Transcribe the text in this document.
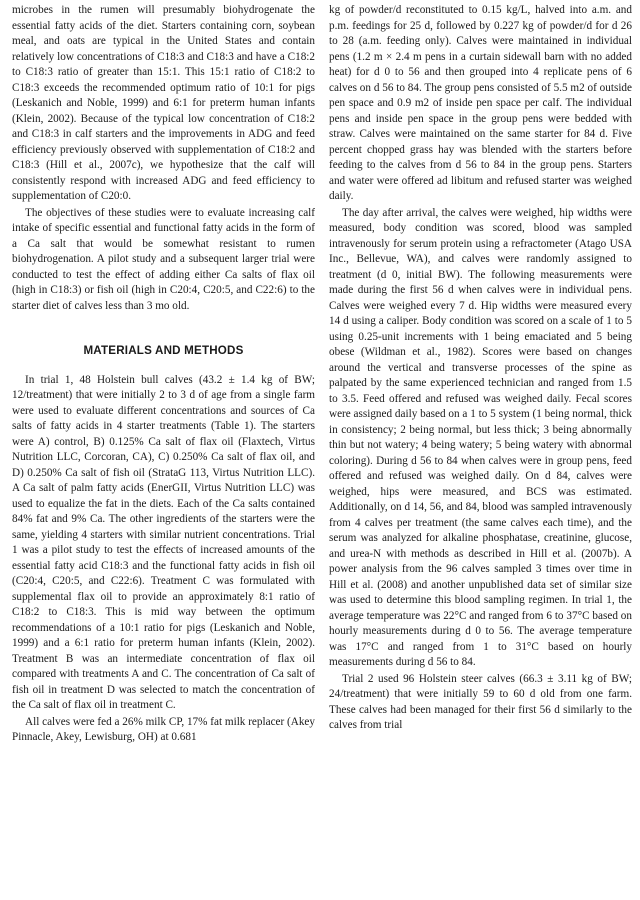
microbes in the rumen will presumably biohydrogenate the essential fatty acids of the diet. Starters containing corn, soybean meal, and oats are typical in the United States and contain relatively low concentrations of C18:3 and C18:3 and have a C18:2 to C18:3 ratio of greater than 15:1. This 15:1 ratio of C18:2 to C18:3 exceeds the recommended optimum ratio of 10:1 for pigs (Leskanich and Noble, 1999) and 6:1 for preterm human infants (Klein, 2002). Because of the typical low concentration of C18:2 and C18:3 in calf starters and the improvements in ADG and feed efficiency previously observed with supplementation of C18:2 and C18:3 (Hill et al., 2007c), we hypothesize that the calf will consistently respond with increased ADG and feed efficiency to supplementation of C20:0.

The objectives of these studies were to evaluate increasing calf intake of specific essential and functional fatty acids in the form of a Ca salt that would be somewhat resistant to rumen biohydrogenation. A pilot study and a subsequent larger trial were conducted to test the effect of adding either Ca salts of flax oil (high in C18:3) or fish oil (high in C20:4, C20:5, and C22:6) to the starter diet of calves less than 3 mo old.

MATERIALS AND METHODS

In trial 1, 48 Holstein bull calves (43.2 ± 1.4 kg of BW; 12/treatment) that were initially 2 to 3 d of age from a single farm were used to evaluate different concentrations and sources of Ca salts of fatty acids in 4 starter treatments (Table 1). The starters were A) control, B) 0.125% Ca salt of flax oil (Flaxtech, Virtus Nutrition LLC, Corcoran, CA), C) 0.250% Ca salt of flax oil, and D) 0.250% Ca salt of fish oil (StrataG 113, Virtus Nutrition LLC). A Ca salt of palm fatty acids (EnerGII, Virtus Nutrition LLC) was used to equalize the fat in the diets. Each of the Ca salts contained 84% fat and 9% Ca. The other ingredients of the starters were the same, yielding 4 starters with similar nutrient concentrations. Trial 1 was a pilot study to test the effects of increased amounts of the essential fatty acid C18:3 and the functional fatty acids in fish oil (C20:4, C20:5, and C22:6). Treatment C was formulated with supplemental flax oil to provide an approximately 8:1 ratio of C18:2 to C18:3. This is mid way between the optimum recommendations of a 10:1 ratio for pigs (Leskanich and Noble, 1999) and a 6:1 ratio for preterm human infants (Klein, 2002). Treatment B was an intermediate concentration of flax oil compared with treatments A and C. The concentration of Ca salt of fish oil in treatment D was selected to match the concentration of the Ca salt of flax oil in treatment C.

All calves were fed a 26% milk CP, 17% fat milk replacer (Akey Pinnacle, Akey, Lewisburg, OH) at 0.681

kg of powder/d reconstituted to 0.15 kg/L, halved into a.m. and p.m. feedings for 25 d, followed by 0.227 kg of powder/d for d 26 to 28 (a.m. feeding only). Calves were maintained in individual pens (1.2 m × 2.4 m pens in a curtain sidewall barn with no added heat) for d 0 to 56 and then grouped into 4 replicate pens of 6 calves on d 56 to 84. The group pens consisted of 5.5 m2 of outside pen space and 0.9 m2 of inside pen space per calf. The individual pens and inside pen space in the group pens were bedded with straw. Calves were maintained on the same starter for 84 d. Five percent chopped grass hay was blended with the starters before feeding to the calves from d 56 to 84 in the group pens. Starters and water were offered ad libitum and refused starter was weighed daily.

The day after arrival, the calves were weighed, hip widths were measured, body condition was scored, blood was sampled intravenously for serum protein using a refractometer (Atago USA Inc., Bellevue, WA), and calves were randomly assigned to treatment (d 0, initial BW). The following measurements were made during the first 56 d when calves were in individual pens. Calves were weighed every 7 d. Hip widths were measured every 14 d using a caliper. Body condition was scored on a scale of 1 to 5 using 0.25-unit increments with 1 being emaciated and 5 being obese (Wildman et al., 1982). Scores were based on changes around the vertical and transverse processes of the spine as palpated by the same experienced technician and ranged from 1.5 to 3.5. Feed offered and refused was weighed daily. Fecal scores were assigned daily based on a 1 to 5 system (1 being normal, thick in consistency; 2 being normal, but less thick; 3 being abnormally thin but not watery; 4 being watery; 5 being watery with abnormal coloring). During d 56 to 84 when calves were in group pens, feed offered and refused was weighed daily. On d 84, calves were weighed, hips were measured, and BCS was estimated. Additionally, on d 14, 56, and 84, blood was sampled intravenously from 4 calves per treatment (the same calves each time), and the serum was analyzed for alkaline phosphatase, creatinine, glucose, and urea-N with methods as described in Hill et al. (2007b). A power analysis from the 96 calves sampled 3 times over time in Hill et al. (2008) and another unpublished data set of similar size was used to determine this blood sampling regimen. In trial 1, the average temperature was 22°C and ranged from 6 to 37°C based on hourly measurements during d 0 to 56. The average temperature was 17°C and ranged from 1 to 31°C based on hourly measurements during d 56 to 84.

Trial 2 used 96 Holstein steer calves (66.3 ± 3.11 kg of BW; 24/treatment) that were initially 59 to 60 d old from one farm. These calves had been managed for their first 56 d similarly to the calves from trial
